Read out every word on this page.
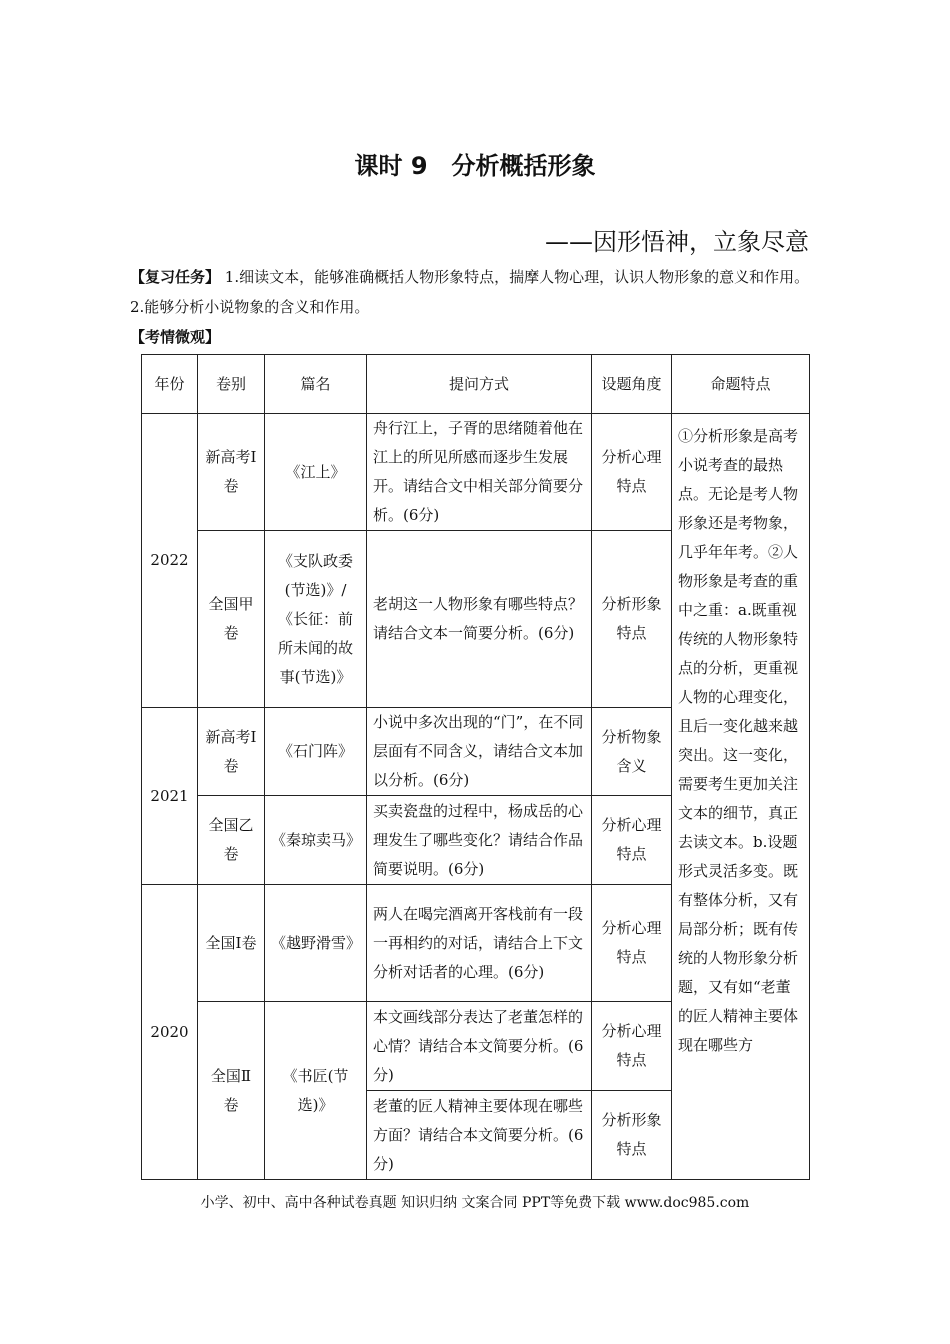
课时 9　分析概括形象
——因形悟神，立象尽意
【复习任务】 1.细读文本，能够准确概括人物形象特点，揣摩人物心理，认识人物形象的意义和作用。2.能够分析小说物象的含义和作用。
【考情微观】
年份	卷别	篇名	提问方式	设题角度	命题特点
2022	新高考Ⅰ卷	《江上》	舟行江上，子胥的思绪随着他在江上的所见所感而逐步生发展开。请结合文中相关部分简要分析。(6分)	分析心理特点	①分析形象是高考小说考查的最热点。无论是考人物形象还是考物象，几乎年年考。②人物形象是考查的重中之重：a.既重视传统的人物形象特点的分析，更重视人物的心理变化，且后一变化越来越突出。这一变化，需要考生更加关注文本的细节，真正去读文本。b.设题形式灵活多变。既有整体分析，又有局部分析；既有传统的人物形象分析题，又有如“老董的匠人精神主要体现在哪些方
	全国甲卷	《支队政委(节选)》/《长征：前所未闻的故事(节选)》	老胡这一人物形象有哪些特点？请结合文本一简要分析。(6分)	分析形象特点	
2021	新高考Ⅰ卷	《石门阵》	小说中多次出现的“门”，在不同层面有不同含义，请结合文本加以分析。(6分)	分析物象含义	
	全国乙卷	《秦琼卖马》	买卖瓷盘的过程中，杨成岳的心理发生了哪些变化？请结合作品简要说明。(6分)	分析心理特点	
2020	全国Ⅰ卷	《越野滑雪》	两人在喝完酒离开客栈前有一段一再相约的对话，请结合上下文分析对话者的心理。(6分)	分析心理特点	
	全国Ⅱ卷	《书匠(节选)》	本文画线部分表达了老董怎样的心情？请结合本文简要分析。(6分)	分析心理特点	
			老董的匠人精神主要体现在哪些方面？请结合本文简要分析。(6分)	分析形象特点	
小学、初中、高中各种试卷真题 知识归纳 文案合同 PPT等免费下载 www.doc985.com
